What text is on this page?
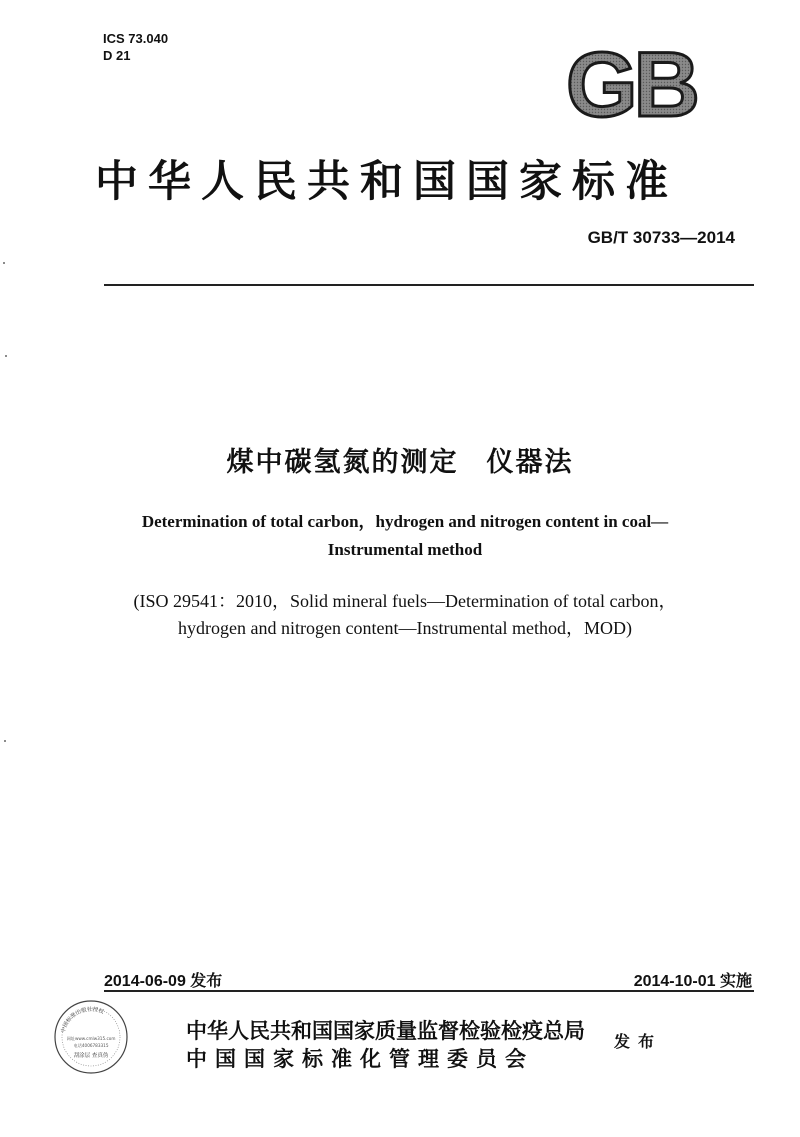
ICS 73.040
D 21	GB
中华人民共和国国家标准
GB/T 30733—2014
煤中碳氢氮的测定 仪器法
Determination of total carbon，hydrogen and nitrogen content in coal—
Instrumental method
(ISO 29541：2010，Solid mineral fuels—Determination of total carbon，
hydrogen and nitrogen content—Instrumental method，MOD)
2014-06-09 发布	2014-10-01 实施
中国标准出版社授权
网址www.cmlw315.com
电话4006783315
刮涂层 查真伪
中华人民共和国国家质量监督检验检疫总局
中国国家标准化管理委员会
发布
